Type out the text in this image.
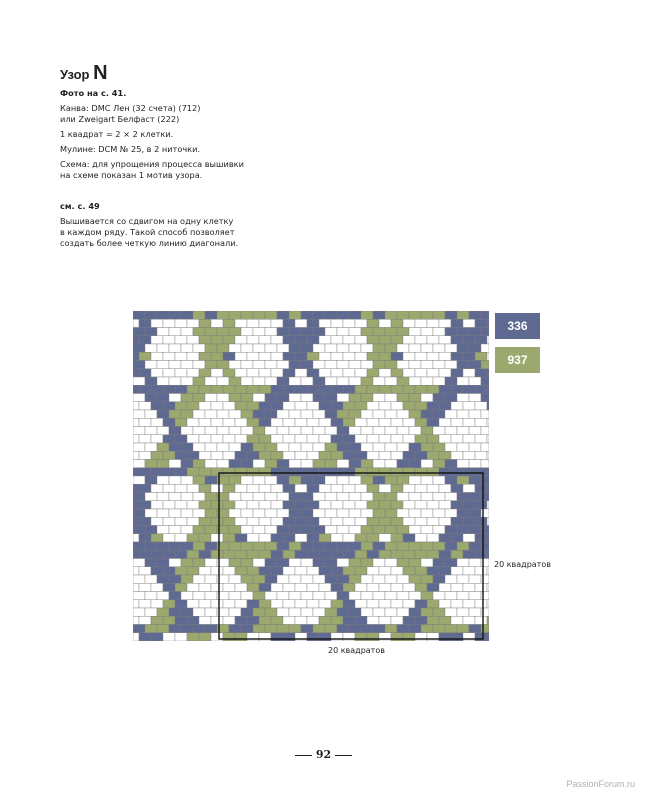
Узор N

Фото на с. 41.

Канва: DMC Лен (32 счета) (712)
или Zweigart Белфаст (222)

1 квадрат = 2 × 2 клетки.

Мулине: DCM № 25, в 2 ниточки.

Схема: для упрощения процесса вышивки
на схеме показан 1 мотив узора.

см. с. 49

Вышивается со сдвигом на одну клетку
в каждом ряду. Такой способ позволяет
создать более четкую линию диагонали.

336
937
20 квадратов
20 квадратов
92
PassionForum.ru
